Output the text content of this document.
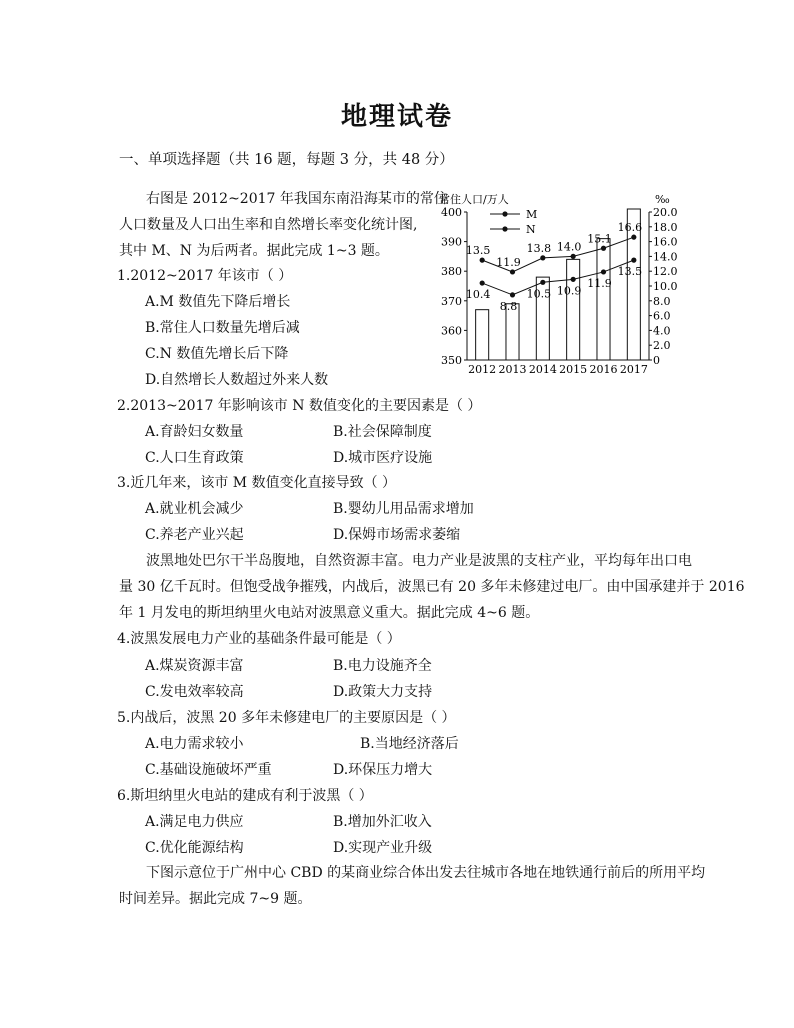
地理试卷
一、单项选择题（共 16 题，每题 3 分，共 48 分）
右图是 2012~2017 年我国东南沿海某市的常住
人口数量及人口出生率和自然增长率变化统计图,
其中 M、N 为后两者。据此完成 1~3 题。
1.2012~2017 年该市（ ）
A.M 数值先下降后增长
B.常住人口数量先增后减
C.N 数值先增长后下降
D.自然增长人数超过外来人数
2.2013~2017 年影响该市 N 数值变化的主要因素是（ ）
A.育龄妇女数量	B.社会保障制度
C.人口生育政策	D.城市医疗设施
3.近几年来，该市 M 数值变化直接导致（ ）
A.就业机会减少	B.婴幼儿用品需求增加
C.养老产业兴起	D.保姆市场需求萎缩
波黑地处巴尔干半岛腹地，自然资源丰富。电力产业是波黑的支柱产业，平均每年出口电
量 30 亿千瓦时。但饱受战争摧残，内战后，波黑已有 20 多年未修建过电厂。由中国承建并于 2016
年 1 月发电的斯坦纳里火电站对波黑意义重大。据此完成 4~6 题。
4.波黑发展电力产业的基础条件最可能是（ ）
A.煤炭资源丰富	B.电力设施齐全
C.发电效率较高	D.政策大力支持
5.内战后，波黑 20 多年未修建电厂的主要原因是（ ）
A.电力需求较小	B.当地经济落后
C.基础设施破坏严重	D.环保压力增大
6.斯坦纳里火电站的建成有利于波黑（ ）
A.满足电力供应	B.增加外汇收入
C.优化能源结构	D.实现产业升级
下图示意位于广州中心 CBD 的某商业综合体出发去往城市各地在地铁通行前后的所用平均
时间差异。据此完成 7~9 题。
常住人口/万人	‰
400
390
380
370
360
350
20.0
18.0
16.0
14.0
12.0
10.0
8.0
6.0
4.0
2.0
0
2012 2013 2014 2015 2016 2017
13.5
11.9
13.8 14.0
15.1
16.6
10.4
8.8
10.5 10.9
11.9
13.5
M
N
